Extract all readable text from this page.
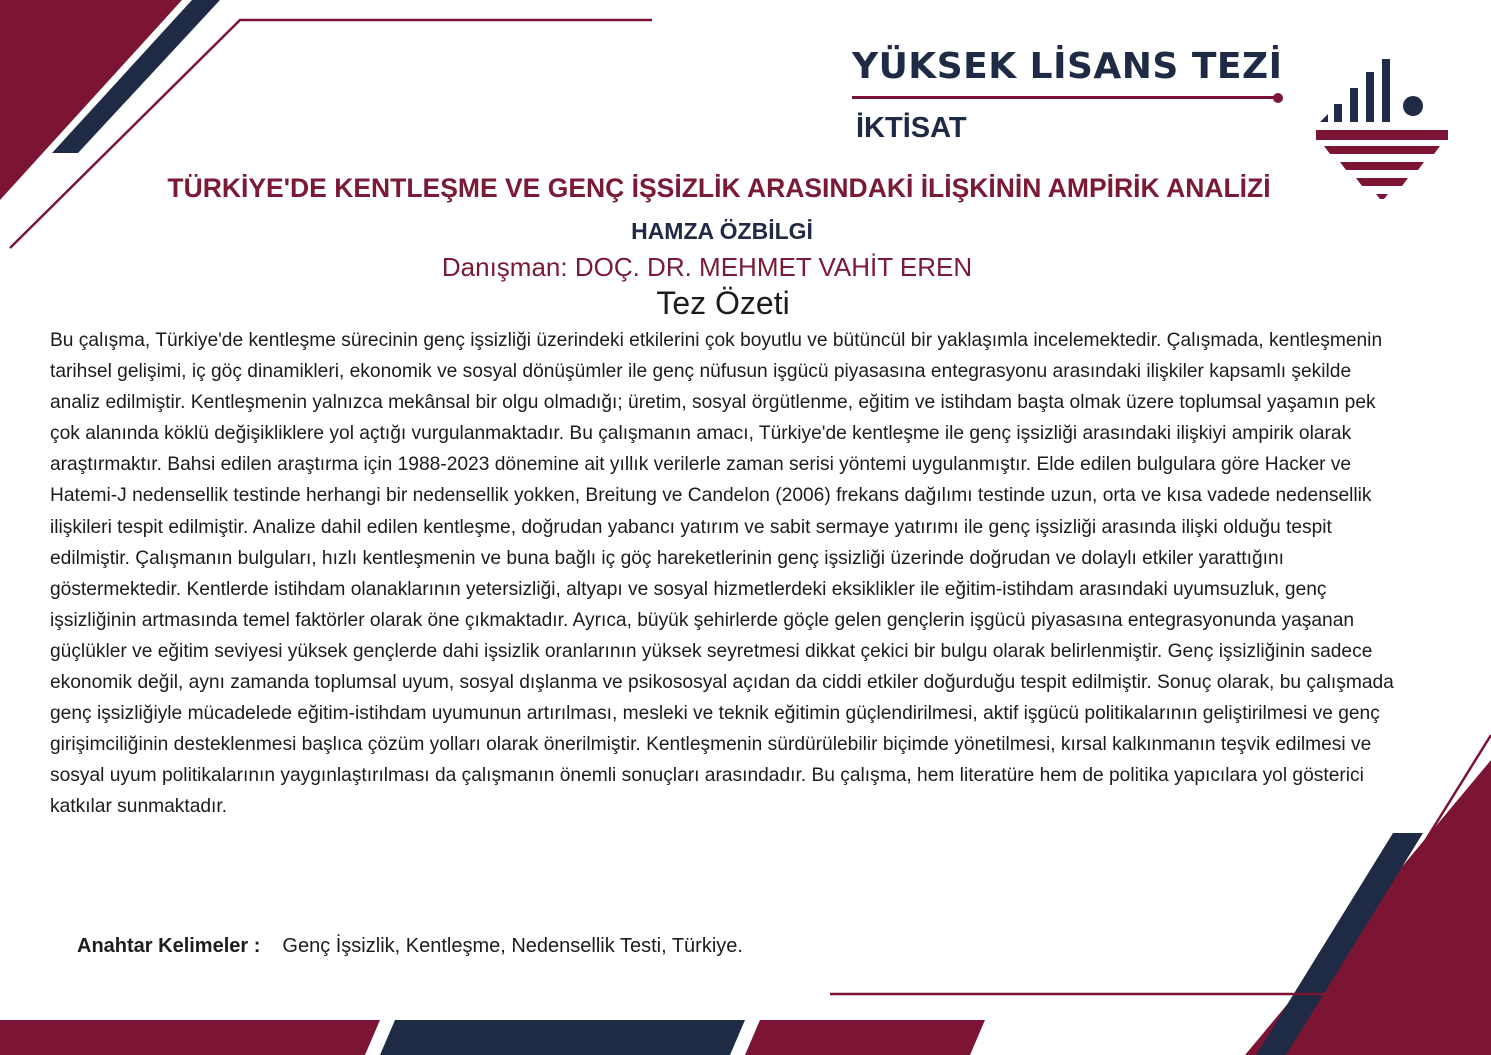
YÜKSEK LİSANS TEZİ
İKTİSAT
TÜRKİYE'DE KENTLEŞME VE GENÇ İŞSİZLİK ARASINDAKİ İLİŞKİNİN AMPİRİK ANALİZİ
HAMZA ÖZBİLGİ
Danışman: DOÇ. DR. MEHMET VAHİT EREN
Tez Özeti

Bu çalışma, Türkiye'de kentleşme sürecinin genç işsizliği üzerindeki etkilerini çok boyutlu ve bütüncül bir yaklaşımla incelemektedir. Çalışmada, kentleşmenin tarihsel gelişimi, iç göç dinamikleri, ekonomik ve sosyal dönüşümler ile genç nüfusun işgücü piyasasına entegrasyonu arasındaki ilişkiler kapsamlı şekilde analiz edilmiştir. Kentleşmenin yalnızca mekânsal bir olgu olmadığı; üretim, sosyal örgütlenme, eğitim ve istihdam başta olmak üzere toplumsal yaşamın pek çok alanında köklü değişikliklere yol açtığı vurgulanmaktadır. Bu çalışmanın amacı, Türkiye'de kentleşme ile genç işsizliği arasındaki ilişkiyi ampirik olarak araştırmaktır. Bahsi edilen araştırma için 1988-2023 dönemine ait yıllık verilerle zaman serisi yöntemi uygulanmıştır. Elde edilen bulgulara göre Hacker ve Hatemi-J nedensellik testinde herhangi bir nedensellik yokken, Breitung ve Candelon (2006) frekans dağılımı testinde uzun, orta ve kısa vadede nedensellik ilişkileri tespit edilmiştir. Analize dahil edilen kentleşme, doğrudan yabancı yatırım ve sabit sermaye yatırımı ile genç işsizliği arasında ilişki olduğu tespit edilmiştir. Çalışmanın bulguları, hızlı kentleşmenin ve buna bağlı iç göç hareketlerinin genç işsizliği üzerinde doğrudan ve dolaylı etkiler yarattığını göstermektedir. Kentlerde istihdam olanaklarının yetersizliği, altyapı ve sosyal hizmetlerdeki eksiklikler ile eğitim-istihdam arasındaki uyumsuzluk, genç işsizliğinin artmasında temel faktörler olarak öne çıkmaktadır. Ayrıca, büyük şehirlerde göçle gelen gençlerin işgücü piyasasına entegrasyonunda yaşanan güçlükler ve eğitim seviyesi yüksek gençlerde dahi işsizlik oranlarının yüksek seyretmesi dikkat çekici bir bulgu olarak belirlenmiştir. Genç işsizliğinin sadece ekonomik değil, aynı zamanda toplumsal uyum, sosyal dışlanma ve psikososyal açıdan da ciddi etkiler doğurduğu tespit edilmiştir. Sonuç olarak, bu çalışmada genç işsizliğiyle mücadelede eğitim-istihdam uyumunun artırılması, mesleki ve teknik eğitimin güçlendirilmesi, aktif işgücü politikalarının geliştirilmesi ve genç girişimciliğinin desteklenmesi başlıca çözüm yolları olarak önerilmiştir. Kentleşmenin sürdürülebilir biçimde yönetilmesi, kırsal kalkınmanın teşvik edilmesi ve sosyal uyum politikalarının yaygınlaştırılması da çalışmanın önemli sonuçları arasındadır. Bu çalışma, hem literatüre hem de politika yapıcılara yol gösterici katkılar sunmaktadır.

Anahtar Kelimeler : Genç İşsizlik, Kentleşme, Nedensellik Testi, Türkiye.
